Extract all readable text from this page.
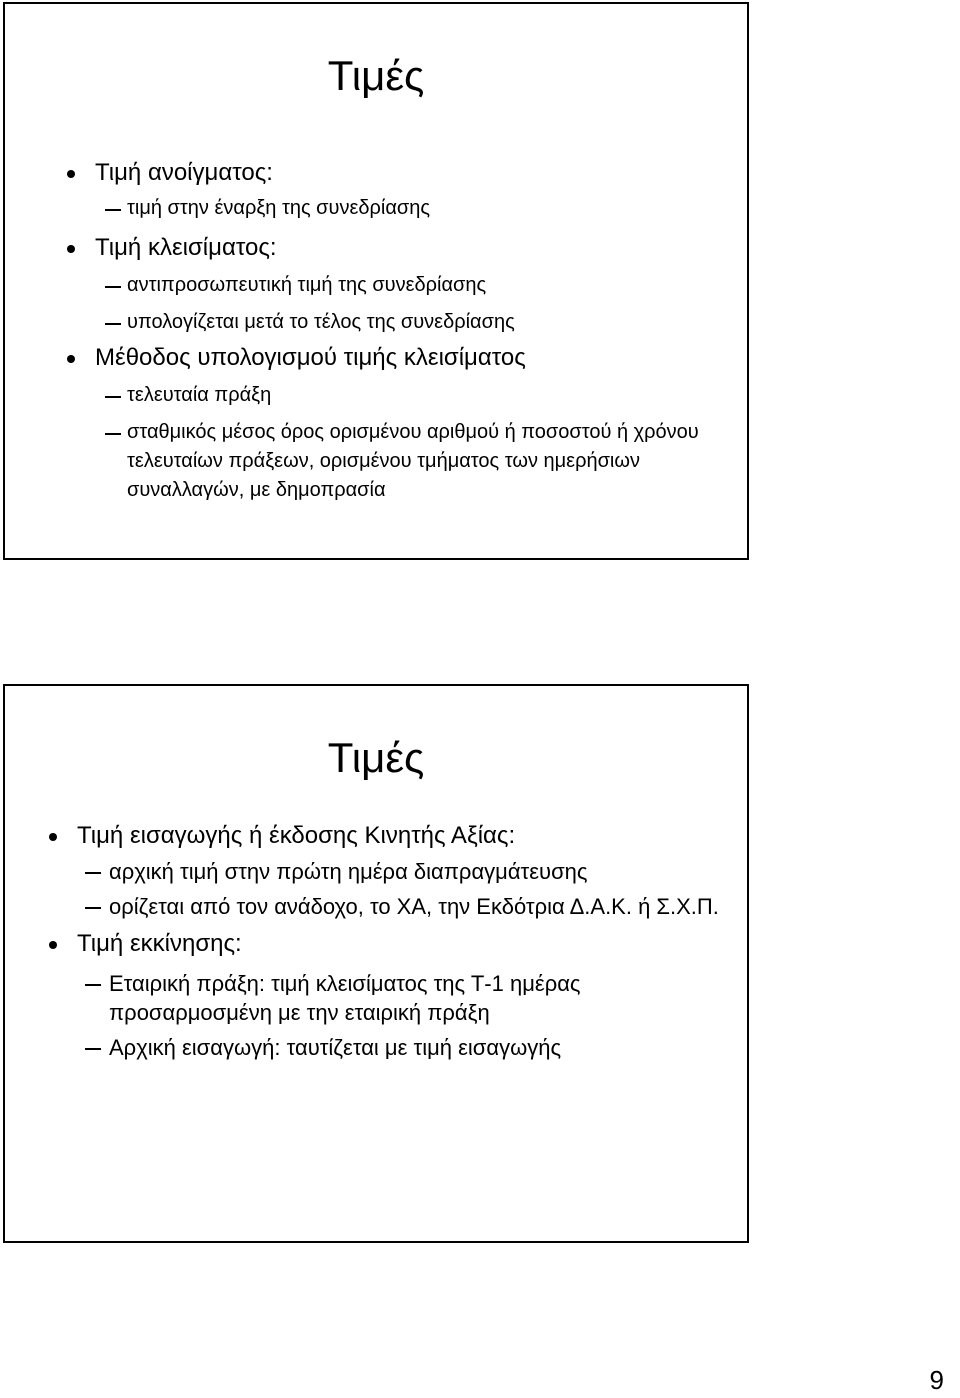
Τιμές
Τιμή ανοίγματος:
τιμή στην έναρξη της συνεδρίασης
Τιμή κλεισίματος:
αντιπροσωπευτική τιμή της συνεδρίασης
υπολογίζεται μετά το τέλος της συνεδρίασης
Μέθοδος υπολογισμού τιμής κλεισίματος
τελευταία πράξη
σταθμικός μέσος όρος ορισμένου αριθμού ή ποσοστού ή χρόνου τελευταίων πράξεων, ορισμένου τμήματος των ημερήσιων συναλλαγών, με δημοπρασία
Τιμές
Τιμή εισαγωγής ή έκδοσης Κινητής Αξίας:
αρχική τιμή στην πρώτη ημέρα διαπραγμάτευσης
ορίζεται από τον ανάδοχο, το ΧΑ, την Εκδότρια Δ.Α.Κ. ή Σ.Χ.Π.
Τιμή εκκίνησης:
Εταιρική πράξη: τιμή κλεισίματος της Τ-1 ημέρας προσαρμοσμένη με την εταιρική πράξη
Αρχική εισαγωγή: ταυτίζεται με τιμή εισαγωγής
9
